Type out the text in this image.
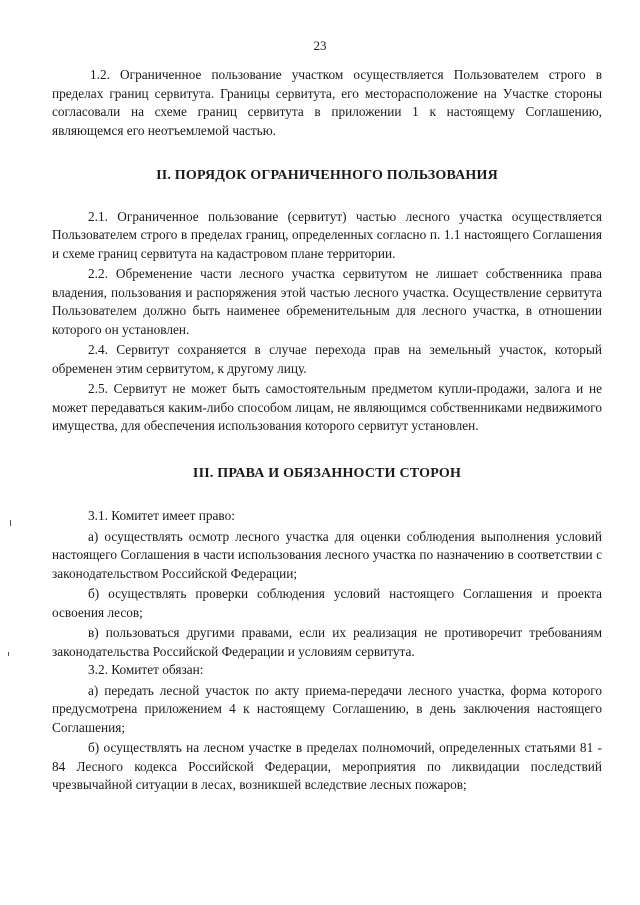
23

1.2. Ограниченное пользование участком осуществляется Пользователем строго в пределах границ сервитута. Границы сервитута, его месторасположение на Участке стороны согласовали на схеме границ сервитута в приложении 1 к настоящему Соглашению, являющемся его неотъемлемой частью.

II. ПОРЯДОК ОГРАНИЧЕННОГО ПОЛЬЗОВАНИЯ

2.1. Ограниченное пользование (сервитут) частью лесного участка осуществляется Пользователем строго в пределах границ, определенных согласно п. 1.1 настоящего Соглашения и схеме границ сервитута на кадастровом плане территории.

2.2. Обременение части лесного участка сервитутом не лишает собственника права владения, пользования и распоряжения этой частью лесного участка. Осуществление сервитута Пользователем должно быть наименее обременительным для лесного участка, в отношении которого он установлен.

2.4. Сервитут сохраняется в случае перехода прав на земельный участок, который обременен этим сервитутом, к другому лицу.

2.5. Сервитут не может быть самостоятельным предметом купли-продажи, залога и не может передаваться каким-либо способом лицам, не являющимся собственниками недвижимого имущества, для обеспечения использования которого сервитут установлен.

III. ПРАВА И ОБЯЗАННОСТИ СТОРОН

3.1. Комитет имеет право:

а) осуществлять осмотр лесного участка для оценки соблюдения выполнения условий настоящего Соглашения в части использования лесного участка по назначению в соответствии с законодательством Российской Федерации;

б) осуществлять проверки соблюдения условий настоящего Соглашения и проекта освоения лесов;

в) пользоваться другими правами, если их реализация не противоречит требованиям законодательства Российской Федерации и условиям сервитута.

3.2. Комитет обязан:

а) передать лесной участок по акту приема-передачи лесного участка, форма которого предусмотрена приложением 4 к настоящему Соглашению, в день заключения настоящего Соглашения;

б) осуществлять на лесном участке в пределах полномочий, определенных статьями 81 - 84 Лесного кодекса Российской Федерации, мероприятия по ликвидации последствий чрезвычайной ситуации в лесах, возникшей вследствие лесных пожаров;
